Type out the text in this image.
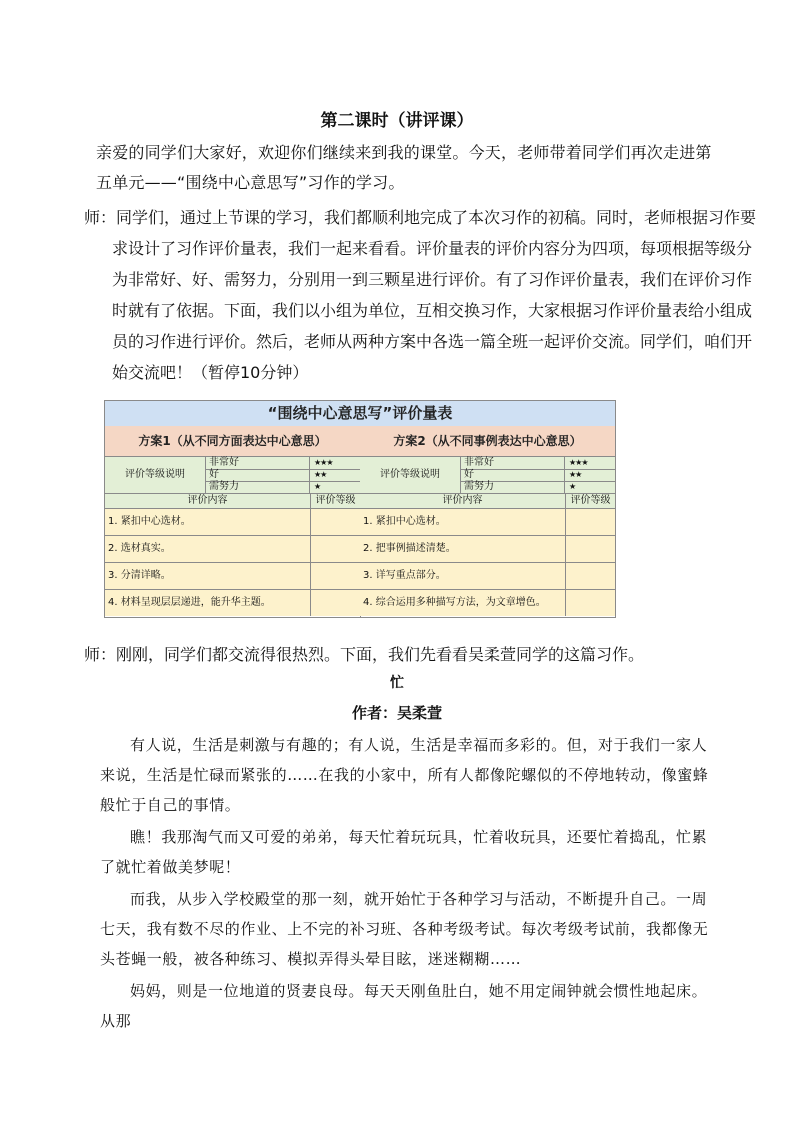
第二课时（讲评课）
亲爱的同学们大家好，欢迎你们继续来到我的课堂。今天，老师带着同学们再次走进第五单元——“围绕中心意思写”习作的学习。
师：同学们，通过上节课的学习，我们都顺利地完成了本次习作的初稿。同时，老师根据习作要求设计了习作评价量表，我们一起来看看。评价量表的评价内容分为四项，每项根据等级分为非常好、好、需努力，分别用一到三颗星进行评价。有了习作评价量表，我们在评价习作时就有了依据。下面，我们以小组为单位，互相交换习作，大家根据习作评价量表给小组成员的习作进行评价。然后，老师从两种方案中各选一篇全班一起评价交流。同学们，咱们开始交流吧！（暂停10分钟）
“围绕中心意思写”评价量表
方案1（从不同方面表达中心意思）
评价等级说明
非常好	★★★
好	★★
需努力	★
评价内容	评价等级
1. 紧扣中心选材。
2. 选材真实。
3. 分清详略。
4. 材料呈现层层递进，能升华主题。
方案2（从不同事例表达中心意思）
评价等级说明
非常好	★★★
好	★★
需努力	★
评价内容	评价等级
1. 紧扣中心选材。
2. 把事例描述清楚。
3. 详写重点部分。
4. 综合运用多种描写方法，为文章增色。
师：刚刚，同学们都交流得很热烈。下面，我们先看看吴柔萱同学的这篇习作。
忙
作者：吴柔萱
有人说，生活是刺激与有趣的；有人说，生活是幸福而多彩的。但，对于我们一家人来说，生活是忙碌而紧张的……在我的小家中，所有人都像陀螺似的不停地转动，像蜜蜂般忙于自己的事情。
瞧！我那淘气而又可爱的弟弟，每天忙着玩玩具，忙着收玩具，还要忙着捣乱，忙累了就忙着做美梦呢！
而我，从步入学校殿堂的那一刻，就开始忙于各种学习与活动，不断提升自己。一周七天，我有数不尽的作业、上不完的补习班、各种考级考试。每次考级考试前，我都像无头苍蝇一般，被各种练习、模拟弄得头晕目眩，迷迷糊糊……
妈妈，则是一位地道的贤妻良母。每天天刚鱼肚白，她不用定闹钟就会惯性地起床。从那
